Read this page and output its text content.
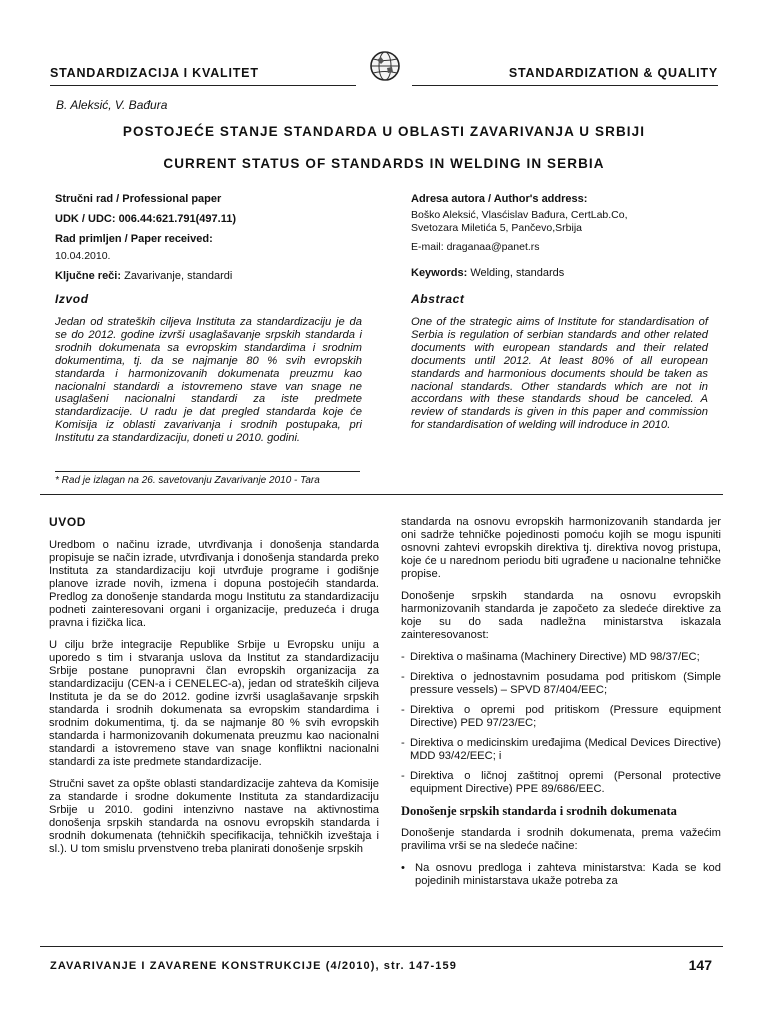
STANDARDIZACIJA I KVALITET	STANDARDIZATION & QUALITY
B. Aleksić, V. Bađura
POSTOJEĆE STANJE STANDARDA U OBLASTI ZAVARIVANJA U SRBIJI
CURRENT STATUS OF STANDARDS IN WELDING IN SERBIA
Stručni rad / Professional paper
UDK / UDC: 006.44:621.791(497.11)
Rad primljen / Paper received:
10.04.2010.
Ključne reči: Zavarivanje, standardi
Adresa autora / Author's address:
Boško Aleksić, Vlasćislav Bađura, CertLab.Co,
Svetozara Miletića 5, Pančevo,Srbija
E-mail: draganaa@panet.rs
Keywords: Welding, standards
Izvod	Abstract
Jedan od strateških ciljeva Instituta za standardizaciju je da se do 2012. godine izvrši usaglašavanje srpskih standarda i srodnih dokumenata sa evropskim standardima i srodnim dokumentima, tj. da se najmanje 80 % svih evropskih standarda i harmonizovanih dokumenata preuzmu kao nacionalni standardi a istovremeno stave van snage ne usaglašeni nacionalni standardi za iste predmete standardizacije. U radu je dat pregled standarda koje će Komisija iz oblasti zavarivanja i srodnih postupaka, pri Institutu za standardizaciju, doneti u 2010. godini.
One of the strategic aims of Institute for standardisation of Serbia is regulation of serbian standards and other related documents with european standards and their related documents until 2012. At least 80% of all european standards and harmonious documents should be taken as nacional standards. Other standards which are not in accordans with these standards shoud be canceled. A review of standards is given in this paper and commission for standardisation of welding will indroduce in 2010.
* Rad je izlagan na 26. savetovanju Zavarivanje 2010 - Tara
UVOD

Uredbom o načinu izrade, utvrđivanja i donošenja standarda propisuje se način izrade, utvrđivanja i donošenja standarda preko Instituta za standardizaciju koji utvrđuje programe i godišnje planove izrade novih, izmena i dopuna postojećih standarda. Predlog za donošenje standarda mogu Institutu za standardizaciju podneti zainteresovani organi i organizacije, preduzeća i druga pravna i fizička lica.

U cilju brže integracije Republike Srbije u Evropsku uniju a uporedo s tim i stvaranja uslova da Institut za standardizaciju Srbije postane punopravni član evropskih organizacija za standardizaciju (CEN-a i CENELEC-a), jedan od strateških ciljeva Instituta je da se do 2012. godine izvrši usaglašavanje srpskih standarda i srodnih dokumenata sa evropskim standardima i srodnim dokumentima, tj. da se najmanje 80 % svih evropskih standarda i harmonizovanih dokumenata preuzmu kao nacionalni standardi a istovremeno stave van snage konfliktni nacionalni standardi za iste predmete standardizacije.

Stručni savet za opšte oblasti standardizacije zahteva da Komisije za standarde i srodne dokumente Instituta za standardizaciju Srbije u 2010. godini intenzivno nastave na aktivnostima donošenja srpskih standarda na osnovu evropskih standarda i srodnih dokumenata (tehničkih specifikacija, tehničkih izveštaja i sl.). U tom smislu prvenstveno treba planirati donošenje srpskih

standarda na osnovu evropskih harmonizovanih standarda jer oni sadrže tehničke pojedinosti pomoću kojih se mogu ispuniti osnovni zahtevi evropskih direktiva tj. direktiva novog pristupa, koje će u narednom periodu biti ugrađene u nacionalne tehničke propise.

Donošenje srpskih standarda na osnovu evropskih harmonizovanih standarda je započeto za sledeće direktive za koje su do sada nadležna ministarstva iskazala zainteresovanost:

- Direktiva o mašinama (Machinery Directive) MD 98/37/EC;
- Direktiva o jednostavnim posudama pod pritiskom (Simple pressure vessels) – SPVD 87/404/EEC;
- Direktiva o opremi pod pritiskom (Pressure equipment Directive) PED 97/23/EC;
- Direktiva o medicinskim uređajima (Medical Devices Directive) MDD 93/42/EEC; i
- Direktiva o ličnoj zaštitnoj opremi (Personal protective equipment Directive) PPE 89/686/EEC.
Donošenje srpskih standarda i srodnih dokumenata

Donošenje standarda i srodnih dokumenata, prema važećim pravilima vrši se na sledeće načine:

• Na osnovu predloga i zahteva ministarstva: Kada se kod pojedinih ministarstava ukaže potreba za
ZAVARIVANJE I ZAVARENE KONSTRUKCIJE (4/2010), str. 147-159	147
